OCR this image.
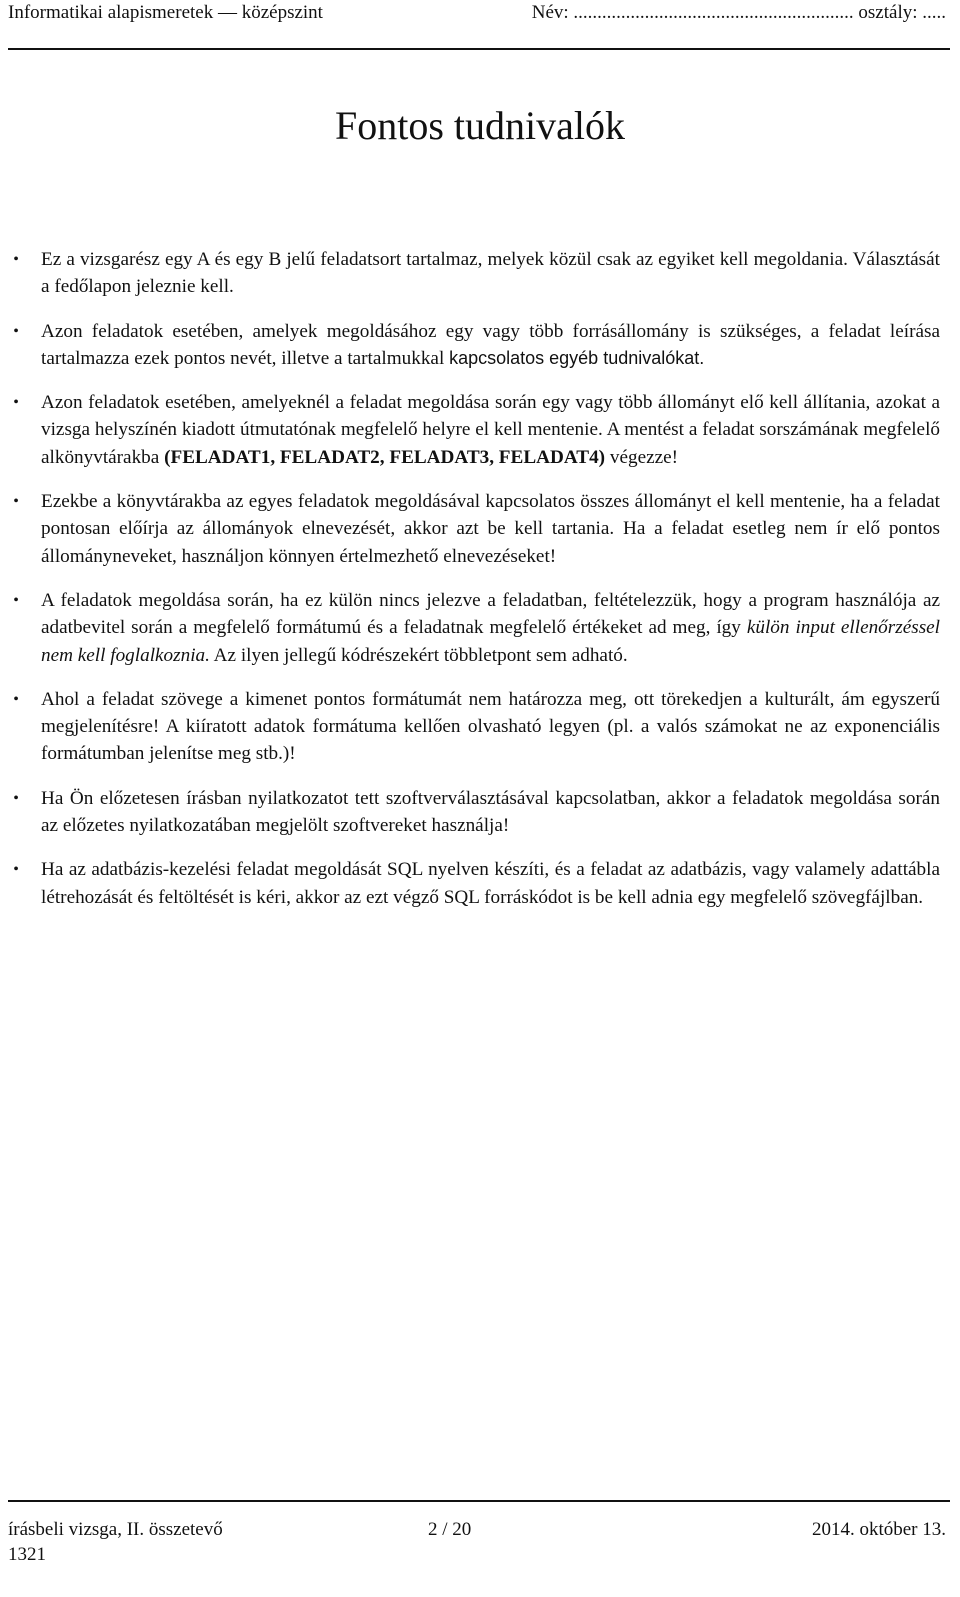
Informatikai alapismeretek — középszint	Név: ........................................................... osztály: .....
Fontos tudnivalók
• Ez a vizsgarész egy A és egy B jelű feladatsort tartalmaz, melyek közül csak az egyiket kell megoldania. Választását a fedőlapon jeleznie kell.
• Azon feladatok esetében, amelyek megoldásához egy vagy több forrásállomány is szükséges, a feladat leírása tartalmazza ezek pontos nevét, illetve a tartalmukkal kapcsolatos egyéb tudnivalókat.
• Azon feladatok esetében, amelyeknél a feladat megoldása során egy vagy több állományt elő kell állítania, azokat a vizsga helyszínén kiadott útmutatónak megfelelő helyre el kell mentenie. A mentést a feladat sorszámának megfelelő alkönyvtárakba (FELADAT1, FELADAT2, FELADAT3, FELADAT4) végezze!
• Ezekbe a könyvtárakba az egyes feladatok megoldásával kapcsolatos összes állományt el kell mentenie, ha a feladat pontosan előírja az állományok elnevezését, akkor azt be kell tartania. Ha a feladat esetleg nem ír elő pontos állományneveket, használjon könnyen értelmezhető elnevezéseket!
• A feladatok megoldása során, ha ez külön nincs jelezve a feladatban, feltételezzük, hogy a program használója az adatbevitel során a megfelelő formátumú és a feladatnak megfelelő értékeket ad meg, így külön input ellenőrzéssel nem kell foglalkoznia. Az ilyen jellegű kódrészekért többletpont sem adható.
• Ahol a feladat szövege a kimenet pontos formátumát nem határozza meg, ott törekedjen a kulturált, ám egyszerű megjelenítésre! A kiíratott adatok formátuma kellően olvasható legyen (pl. a valós számokat ne az exponenciális formátumban jelenítse meg stb.)!
• Ha Ön előzetesen írásban nyilatkozatot tett szoftverválasztásával kapcsolatban, akkor a feladatok megoldása során az előzetes nyilatkozatában megjelölt szoftvereket használja!
• Ha az adatbázis-kezelési feladat megoldását SQL nyelven készíti, és a feladat az adatbázis, vagy valamely adattábla létrehozását és feltöltését is kéri, akkor az ezt végző SQL forráskódot is be kell adnia egy megfelelő szövegfájlban.
írásbeli vizsga, II. összetevő	2 / 20	2014. október 13.
1321
